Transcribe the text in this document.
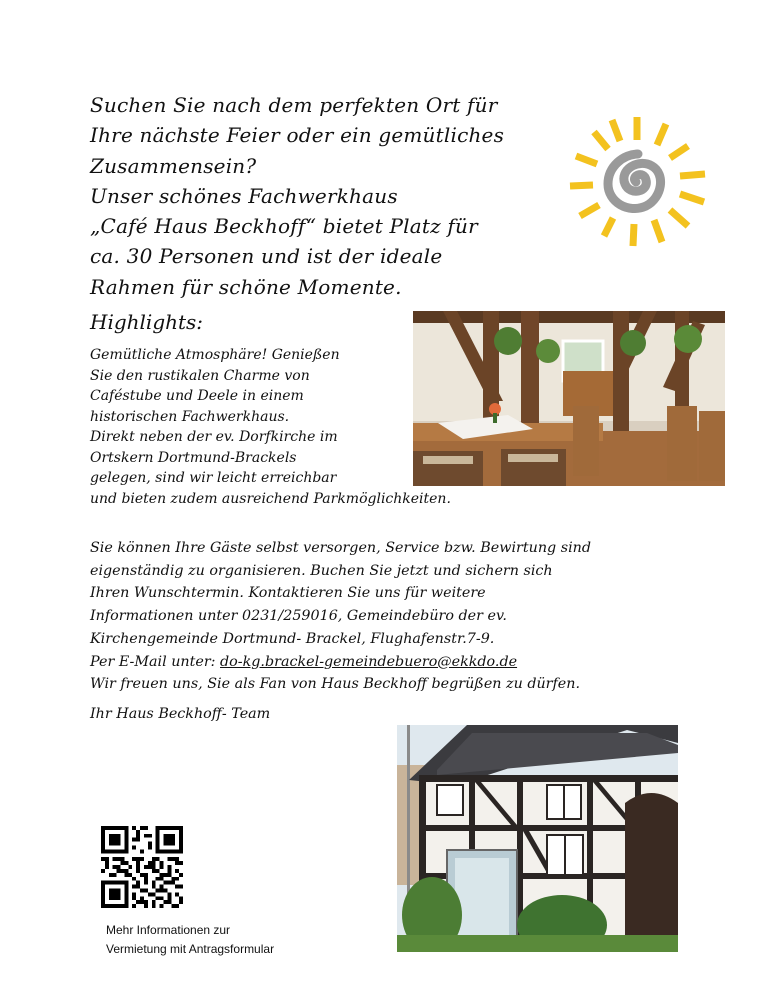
Suchen Sie nach dem perfekten Ort für
Ihre nächste Feier oder ein gemütliches
Zusammensein?
Unser schönes Fachwerkhaus
„Café Haus Beckhoff“ bietet Platz für
ca. 30 Personen und ist der ideale
Rahmen für schöne Momente.
Highlights:
Gemütliche Atmosphäre! Genießen
Sie den rustikalen Charme von
Caféstube und Deele in einem
historischen Fachwerkhaus.
Direkt neben der ev. Dorfkirche im
Ortskern Dortmund-Brackels
gelegen, sind wir leicht erreichbar
und bieten zudem ausreichend Parkmöglichkeiten.
Sie können Ihre Gäste selbst versorgen, Service bzw. Bewirtung sind
eigenständig zu organisieren. Buchen Sie jetzt und sichern sich
Ihren Wunschtermin. Kontaktieren Sie uns für weitere
Informationen unter 0231/259016, Gemeindebüro der ev.
Kirchengemeinde Dortmund- Brackel, Flughafenstr.7-9.
Per E-Mail unter: do-kg.brackel-gemeindebuero@ekkdo.de
Wir freuen uns, Sie als Fan von Haus Beckhoff begrüßen zu dürfen.
Ihr Haus Beckhoff- Team
Mehr Informationen zur
Vermietung mit Antragsformular
